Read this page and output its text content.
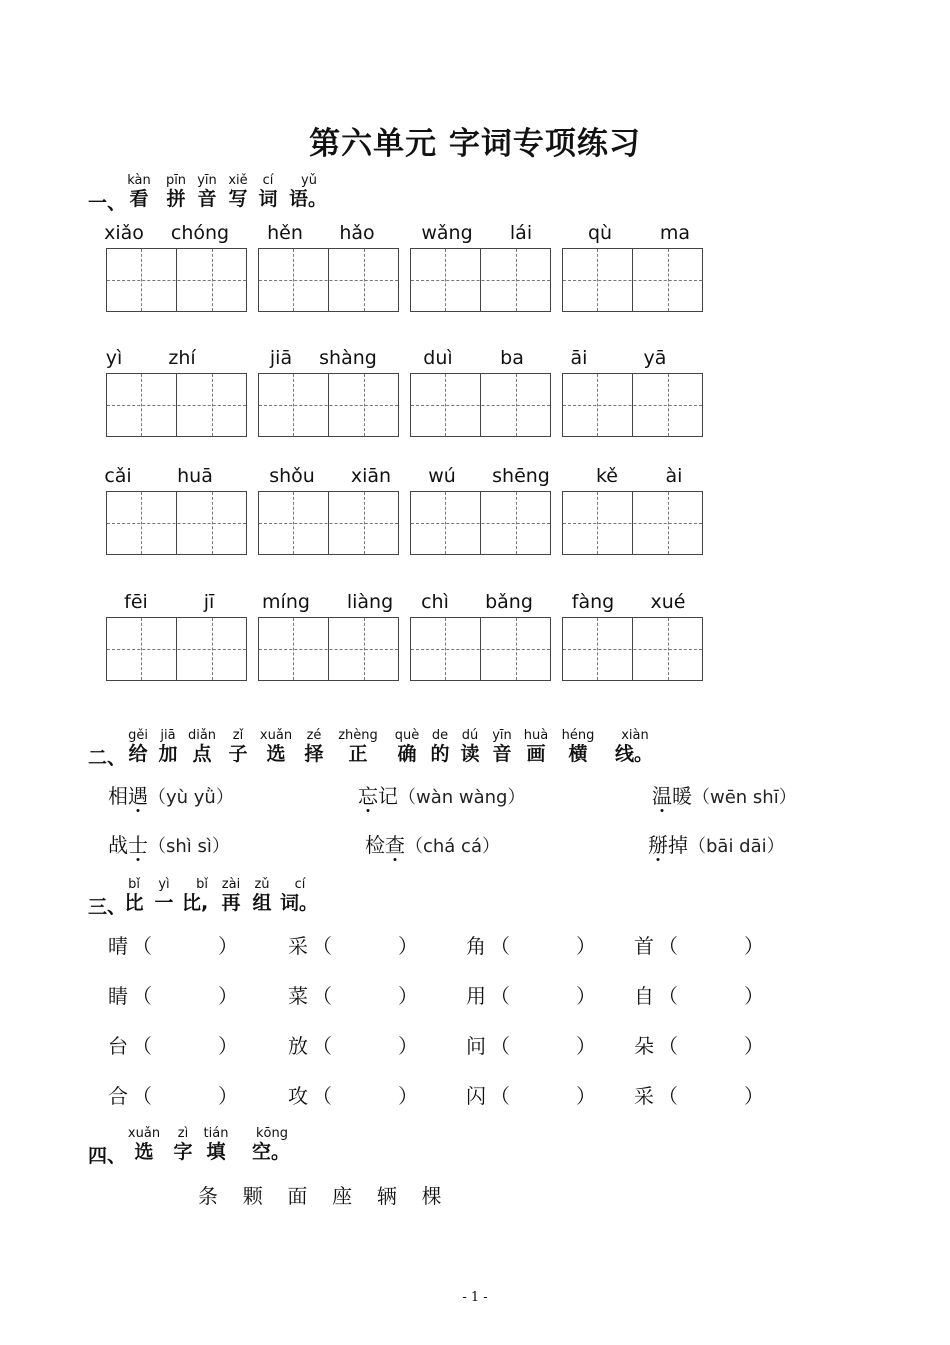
第六单元 字词专项练习
一、
kàn
看
pīn
拼
yīn
音
xiě
写
cí
词
yǔ
语。
二、
gěi
给
jiā
加
diǎn
点
zǐ
子
xuǎn
选
zé
择
zhèng
正
què
确
de
的
dú
读
yīn
音
huà
画
héng
横
xiàn
线。
三、
bǐ
比
yì
一
bǐ
比,
zài
再
zǔ
组
cí
词。
四、
xuǎn
选
zì
字
tián
填
kōng
空。
xiǎo	chóng	hěn	hǎo	wǎng	lái	qù	ma
yì	zhí	jiā	shàng	duì	ba	āi	yā
cǎi	huā	shǒu	xiān	wú	shēng	kě	ài
fēi	jī	míng	liàng	chì	bǎng	fàng	xué
相遇（yù yǜ）	忘记（wàn wàng）	温暖（wēn shī）
战士（shì sì）	检查（chá cá）	掰掉（bāi dāi）
晴 （	）	采 （	） 角 （	） 首 （	）
睛 （	）	菜 （	） 用 （	） 自 （	）
台 （	）	放 （	） 问 （	） 朵 （	）
合 （	）	攻 （	） 闪 （	） 采 （	）
条  颗  面  座  辆  棵
- 1 -
